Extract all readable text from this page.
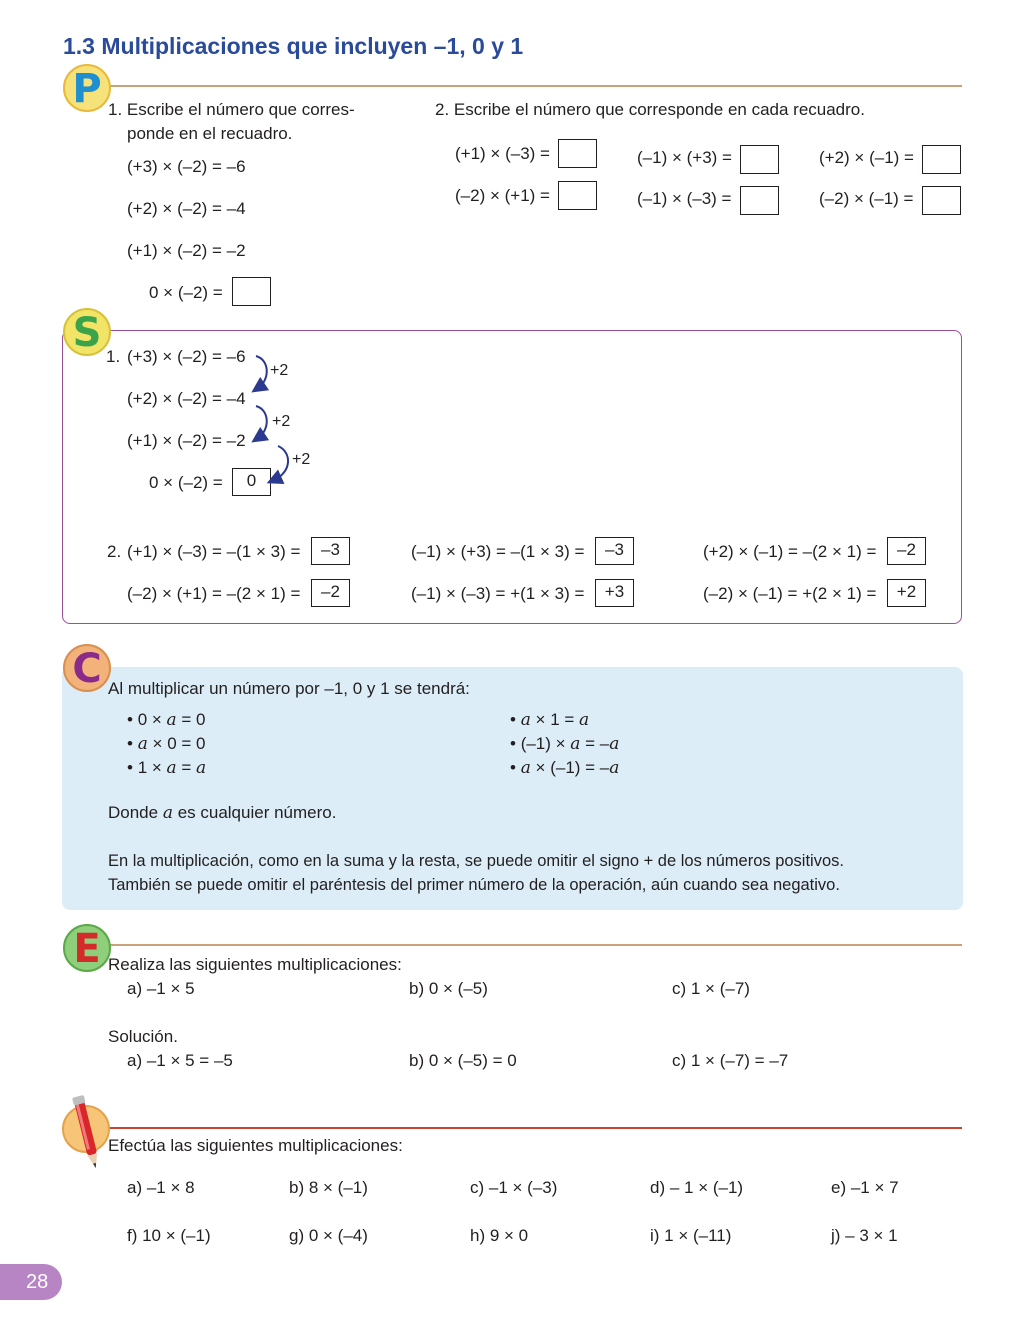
1.3 Multiplicaciones que incluyen –1, 0 y 1
P 1. Escribe el número que corres-
ponde en el recuadro.
(+3) × (–2) = –6
(+2) × (–2) = –4
(+1) × (–2) = –2
0 × (–2) =
2. Escribe el número que corresponde en cada recuadro.
(+1) × (–3) =	(–1) × (+3) =	(+2) × (–1) =
(–2) × (+1) =	(–1) × (–3) =	(–2) × (–1) =
S
1. (+3) × (–2) = –6
(+2) × (–2) = –4
(+1) × (–2) = –2
0 × (–2) =	0
+2
+2
+2
2. (+1) × (–3) = –(1 × 3) =	–3	(–1) × (+3) = –(1 × 3) =	–3	(+2) × (–1) = –(2 × 1) =	–2
(–2) × (+1) = –(2 × 1) =	–2	(–1) × (–3) = +(1 × 3) =	+3	(–2) × (–1) = +(2 × 1) =	+2
C Al multiplicar un número por –1, 0 y 1 se tendrá:
• 0 × a = 0
• a × 0 = 0
• 1 × a = a
• a × 1 = a
• (–1) × a = –a
• a × (–1) = –a
Donde a es cualquier número.
En la multiplicación, como en la suma y la resta, se puede omitir el signo + de los números positivos.
También se puede omitir el paréntesis del primer número de la operación, aún cuando sea negativo.
E Realiza las siguientes multiplicaciones:
a) –1 × 5	b) 0 × (–5)	c) 1 × (–7)
Solución.
a) –1 × 5 = –5	b) 0 × (–5) = 0	c) 1 × (–7) = –7
Efectúa las siguientes multiplicaciones:
a) –1 × 8	b) 8 × (–1)	c) –1 × (–3)	d) – 1 × (–1)	e) –1 × 7
f) 10 × (–1)	g) 0 × (–4)	h) 9 × 0	i) 1 × (–11)	j) – 3 × 1
28
